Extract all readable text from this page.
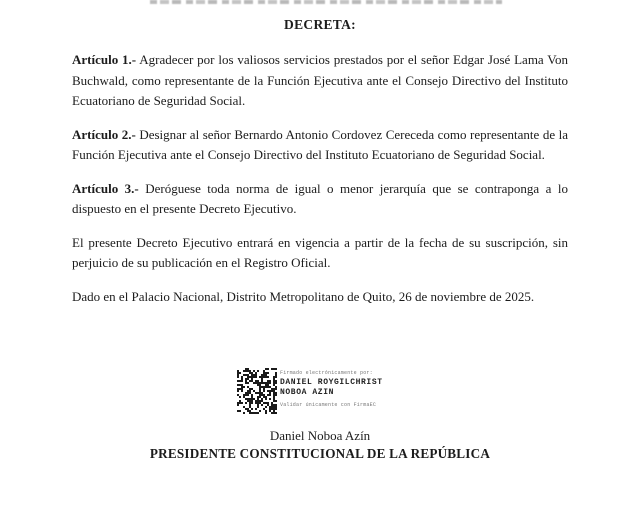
DECRETA:

Artículo 1.- Agradecer por los valiosos servicios prestados por el señor Edgar José Lama Von Buchwald, como representante de la Función Ejecutiva ante el Consejo Directivo del Instituto Ecuatoriano de Seguridad Social.

Artículo 2.- Designar al señor Bernardo Antonio Cordovez Cereceda como representante de la Función Ejecutiva ante el Consejo Directivo del Instituto Ecuatoriano de Seguridad Social.

Artículo 3.- Deróguese toda norma de igual o menor jerarquía que se contraponga a lo dispuesto en el presente Decreto Ejecutivo.

El presente Decreto Ejecutivo entrará en vigencia a partir de la fecha de su suscripción, sin perjuicio de su publicación en el Registro Oficial.

Dado en el Palacio Nacional, Distrito Metropolitano de Quito, 26 de noviembre de 2025.

Firmado electrónicamente por:
DANIEL ROYGILCHRIST
NOBOA AZIN
Validar únicamente con FirmaEC
Daniel Noboa Azín
PRESIDENTE CONSTITUCIONAL DE LA REPÚBLICA
